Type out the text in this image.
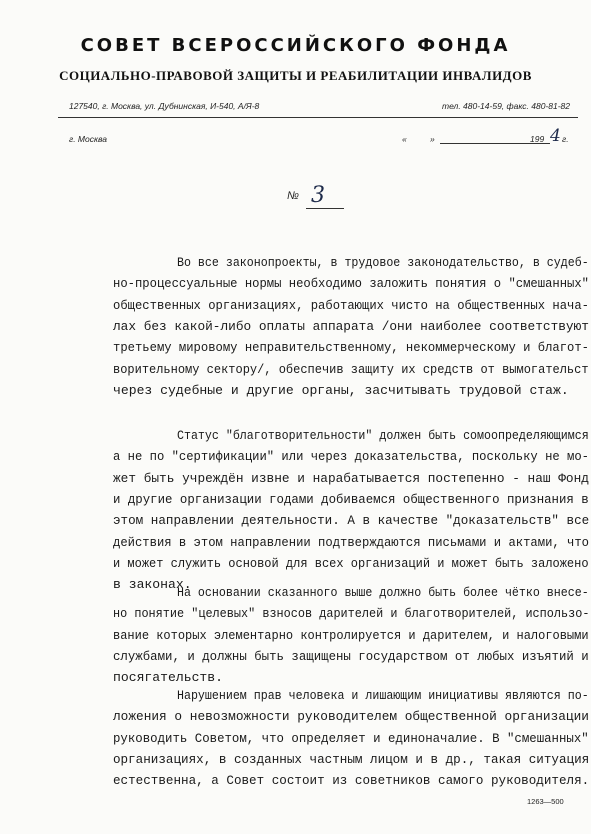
СОВЕТ ВСЕРОССИЙСКОГО ФОНДА
СОЦИАЛЬНО-ПРАВОВОЙ ЗАЩИТЫ И РЕАБИЛИТАЦИИ ИНВАЛИДОВ
127540, г. Москва, ул. Дубнинская, И-540, А/Я-8	тел. 480-14-59, факс. 480-81-82
г. Москва	«	»	199 4 г.
№ 3
Во все законопроекты, в трудовое законодательство, в судеб-
но-процессуальные нормы необходимо заложить понятия о "смешанных"
общественных организациях, работающих чисто на общественных нача-
лах без какой-либо оплаты аппарата /они наиболее соответствуют
третьему мировому неправительственному, некоммерческому и благот-
ворительному сектору/, обеспечив защиту их средств от вымогательст
через судебные и другие органы, засчитывать трудовой стаж.
Статус "благотворительности" должен быть сомоопределяющимся
а не по "сертификации" или через доказательства, поскольку не мо-
жет быть учреждён извне и нарабатывается постепенно - наш Фонд
и другие организации годами добиваемся общественного признания в
этом направлении деятельности. А в качестве "доказательств" все
действия в этом направлении подтверждаются письмами и актами, что
и может служить основой для всех организаций и может быть заложено
в законах.
На основании сказанного выше должно быть более чётко внесе-
но понятие "целевых" взносов дарителей и благотворителей, использо-
вание которых элементарно контролируется и дарителем, и налоговыми
службами, и должны быть защищены государством от любых изъятий и
посягательств.
Нарушением прав человека и лишающим инициативы являются по-
ложения о невозможности руководителем общественной организации
руководить Советом, что определяет и единоначалие. В "смешанных"
организациях, в созданных частным лицом и в др., такая ситуация
естественна, а Совет состоит из советников самого руководителя.
1263—500
